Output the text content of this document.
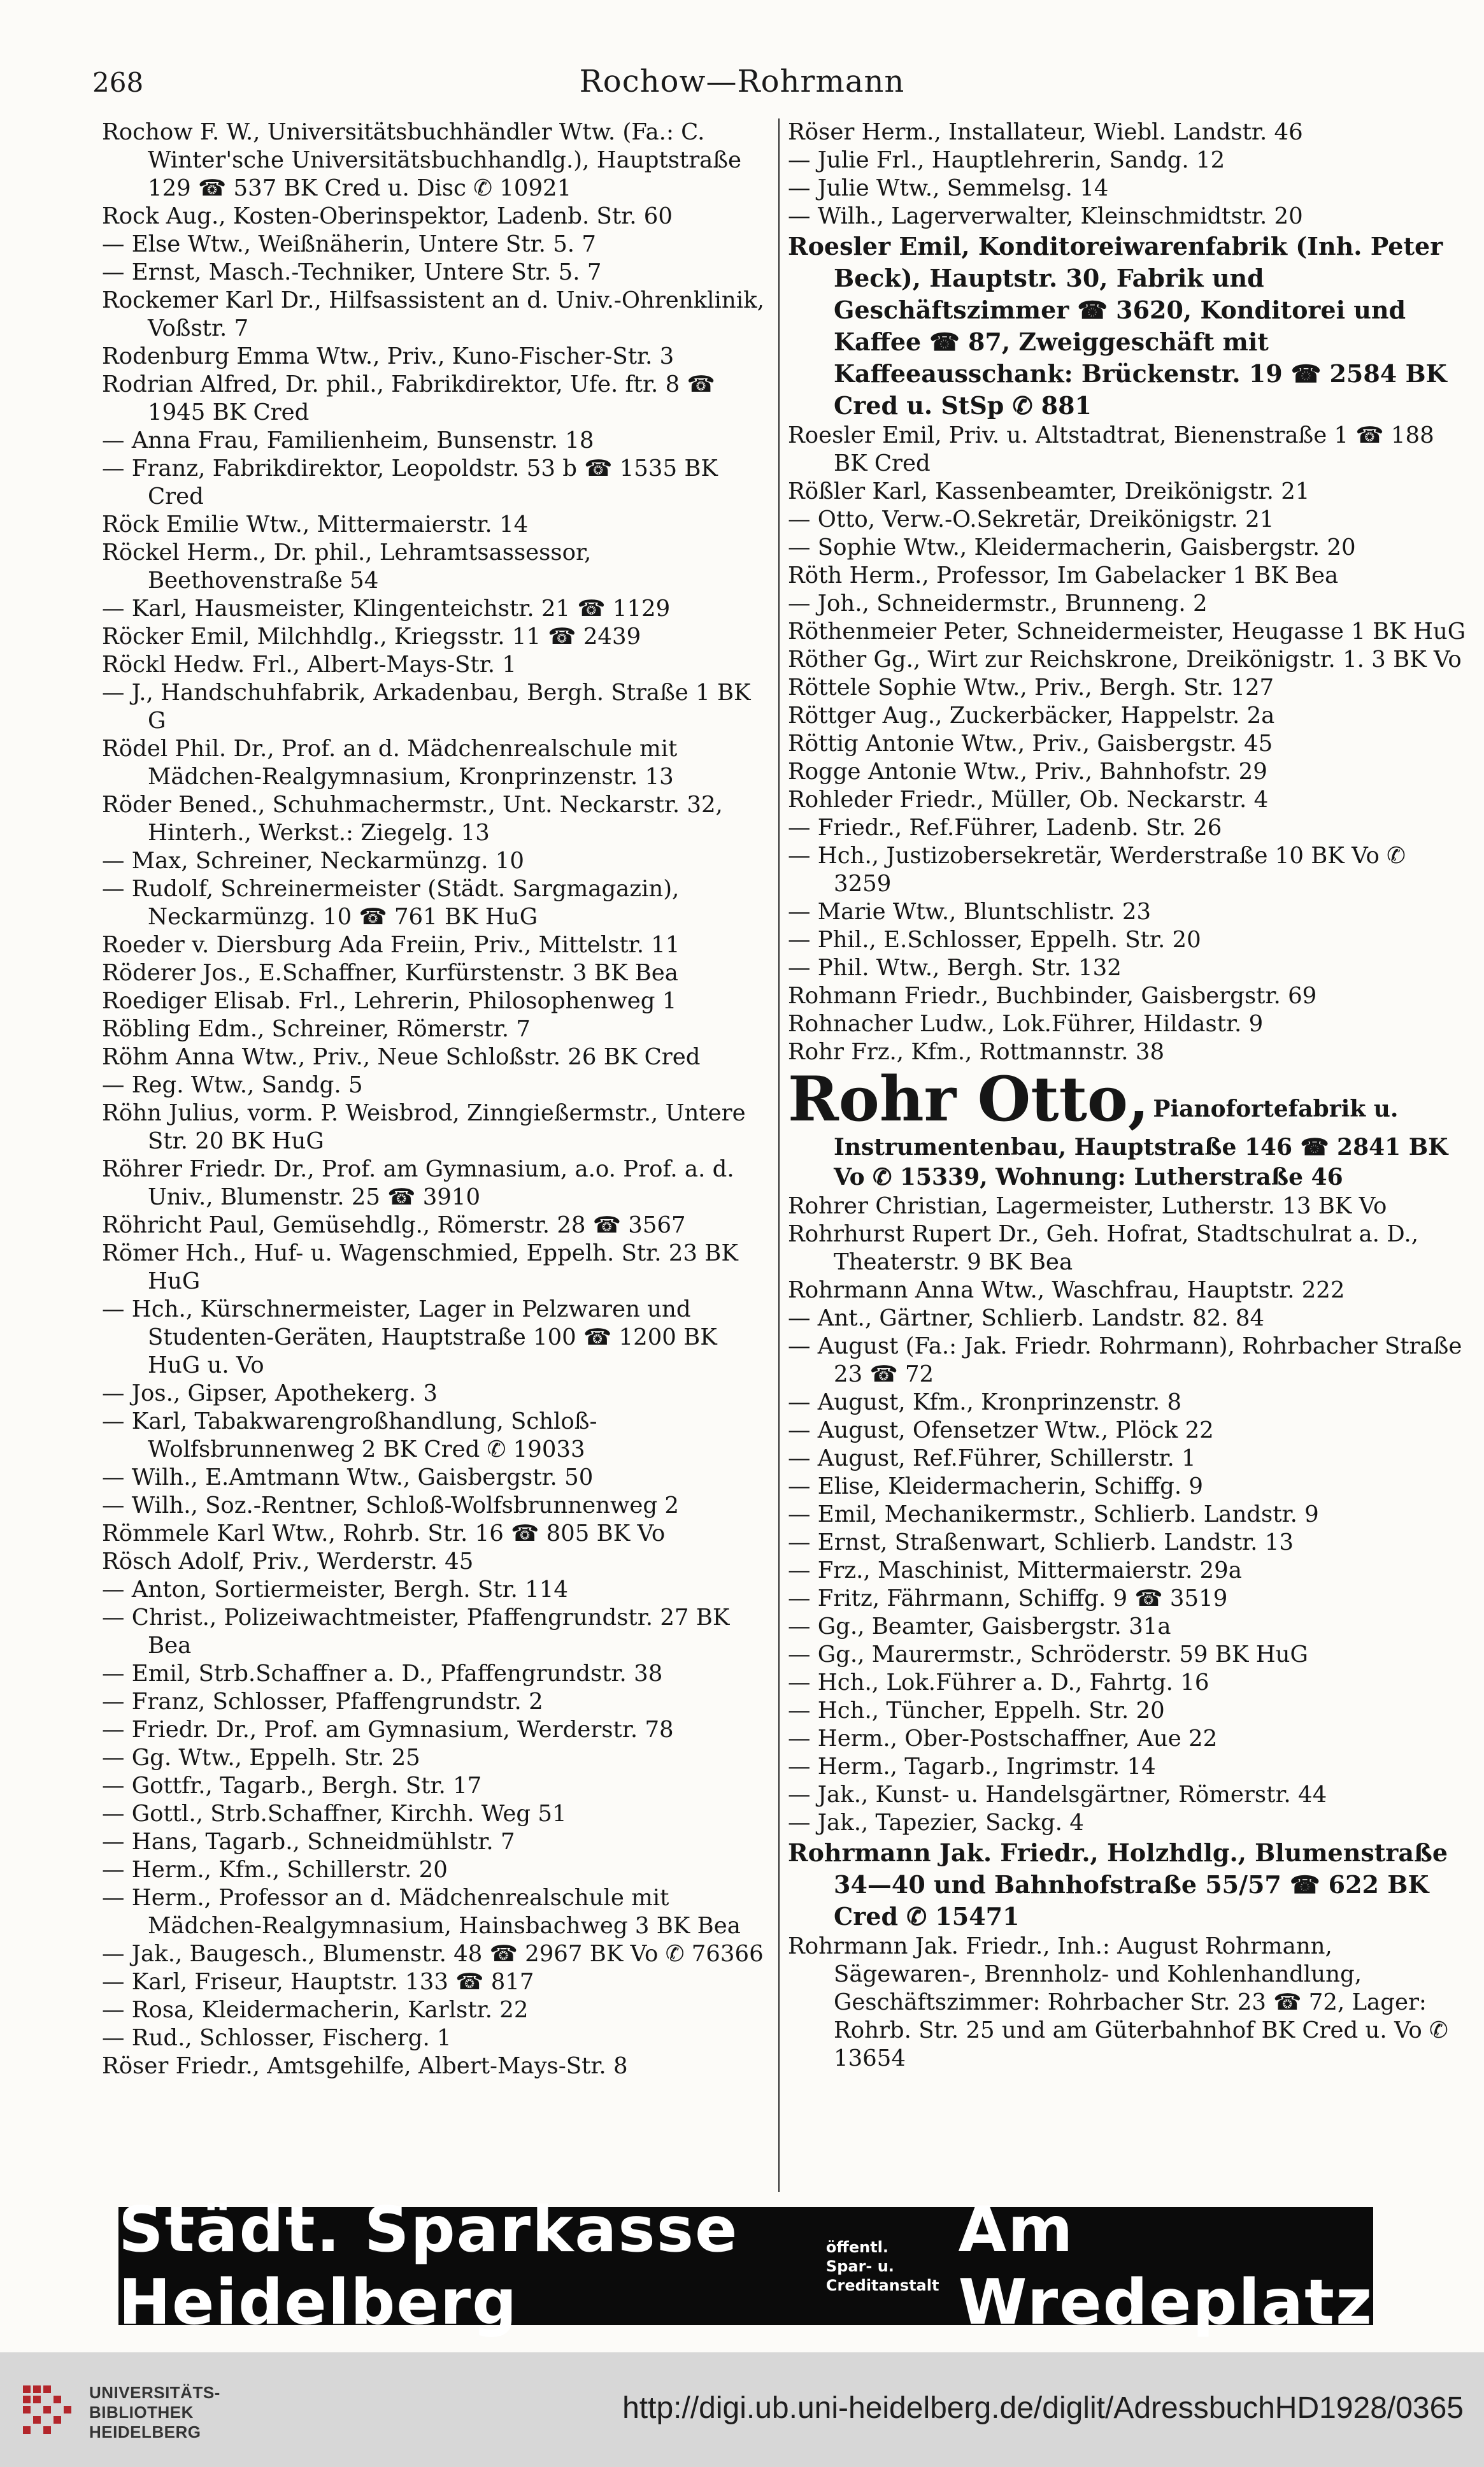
268	Rochow—Rohrmann
Rochow F. W., Universitätsbuchhändler Wtw. (Fa.: C. Winter'sche Universitätsbuchhandlg.), Hauptstraße 129 ☎ 537 BK Cred u. Disc ✆ 10921
Rock Aug., Kosten-Oberinspektor, Ladenb. Str. 60
— Else Wtw., Weißnäherin, Untere Str. 5. 7
— Ernst, Masch.-Techniker, Untere Str. 5. 7
Rockemer Karl Dr., Hilfsassistent an d. Univ.-Ohrenklinik, Voßstr. 7
Rodenburg Emma Wtw., Priv., Kuno-Fischer-Str. 3
Rodrian Alfred, Dr. phil., Fabrikdirektor, Ufe. ftr. 8 ☎ 1945 BK Cred
— Anna Frau, Familienheim, Bunsenstr. 18
— Franz, Fabrikdirektor, Leopoldstr. 53 b ☎ 1535 BK Cred
Röck Emilie Wtw., Mittermaierstr. 14
Röckel Herm., Dr. phil., Lehramtsassessor, Beethovenstraße 54
— Karl, Hausmeister, Klingenteichstr. 21 ☎ 1129
Röcker Emil, Milchhdlg., Kriegsstr. 11 ☎ 2439
Röckl Hedw. Frl., Albert-Mays-Str. 1
— J., Handschuhfabrik, Arkadenbau, Bergh. Straße 1 BK G
Rödel Phil. Dr., Prof. an d. Mädchenrealschule mit Mädchen-Realgymnasium, Kronprinzenstr. 13
Röder Bened., Schuhmachermstr., Unt. Neckarstr. 32, Hinterh., Werkst.: Ziegelg. 13
— Max, Schreiner, Neckarmünzg. 10
— Rudolf, Schreinermeister (Städt. Sargmagazin), Neckarmünzg. 10 ☎ 761 BK HuG
Roeder v. Diersburg Ada Freiin, Priv., Mittelstr. 11
Röderer Jos., E.Schaffner, Kurfürstenstr. 3 BK Bea
Roediger Elisab. Frl., Lehrerin, Philosophenweg 1
Röbling Edm., Schreiner, Römerstr. 7
Röhm Anna Wtw., Priv., Neue Schloßstr. 26 BK Cred
— Reg. Wtw., Sandg. 5
Röhn Julius, vorm. P. Weisbrod, Zinngießermstr., Untere Str. 20 BK HuG
Röhrer Friedr. Dr., Prof. am Gymnasium, a.o. Prof. a. d. Univ., Blumenstr. 25 ☎ 3910
Röhricht Paul, Gemüsehdlg., Römerstr. 28 ☎ 3567
Römer Hch., Huf- u. Wagenschmied, Eppelh. Str. 23 BK HuG
— Hch., Kürschnermeister, Lager in Pelzwaren und Studenten-Geräten, Hauptstraße 100 ☎ 1200 BK HuG u. Vo
— Jos., Gipser, Apothekerg. 3
— Karl, Tabakwarengroßhandlung, Schloß-Wolfsbrunnenweg 2 BK Cred ✆ 19033
— Wilh., E.Amtmann Wtw., Gaisbergstr. 50
— Wilh., Soz.-Rentner, Schloß-Wolfsbrunnenweg 2
Römmele Karl Wtw., Rohrb. Str. 16 ☎ 805 BK Vo
Rösch Adolf, Priv., Werderstr. 45
— Anton, Sortiermeister, Bergh. Str. 114
— Christ., Polizeiwachtmeister, Pfaffengrundstr. 27 BK Bea
— Emil, Strb.Schaffner a. D., Pfaffengrundstr. 38
— Franz, Schlosser, Pfaffengrundstr. 2
— Friedr. Dr., Prof. am Gymnasium, Werderstr. 78
— Gg. Wtw., Eppelh. Str. 25
— Gottfr., Tagarb., Bergh. Str. 17
— Gottl., Strb.Schaffner, Kirchh. Weg 51
— Hans, Tagarb., Schneidmühlstr. 7
— Herm., Kfm., Schillerstr. 20
— Herm., Professor an d. Mädchenrealschule mit Mädchen-Realgymnasium, Hainsbachweg 3 BK Bea
— Jak., Baugesch., Blumenstr. 48 ☎ 2967 BK Vo ✆ 76366
— Karl, Friseur, Hauptstr. 133 ☎ 817
— Rosa, Kleidermacherin, Karlstr. 22
— Rud., Schlosser, Fischerg. 1
Röser Friedr., Amtsgehilfe, Albert-Mays-Str. 8
Röser Herm., Installateur, Wiebl. Landstr. 46
— Julie Frl., Hauptlehrerin, Sandg. 12
— Julie Wtw., Semmelsg. 14
— Wilh., Lagerverwalter, Kleinschmidtstr. 20
Roesler Emil, Konditoreiwarenfabrik (Inh. Peter Beck), Hauptstr. 30, Fabrik und Geschäftszimmer ☎ 3620, Konditorei und Kaffee ☎ 87, Zweiggeschäft mit Kaffeeausschank: Brückenstr. 19 ☎ 2584 BK Cred u. StSp ✆ 881
Roesler Emil, Priv. u. Altstadtrat, Bienenstraße 1 ☎ 188 BK Cred
Rößler Karl, Kassenbeamter, Dreikönigstr. 21
— Otto, Verw.-O.Sekretär, Dreikönigstr. 21
— Sophie Wtw., Kleidermacherin, Gaisbergstr. 20
Röth Herm., Professor, Im Gabelacker 1 BK Bea
— Joh., Schneidermstr., Brunneng. 2
Röthenmeier Peter, Schneidermeister, Heugasse 1 BK HuG
Röther Gg., Wirt zur Reichskrone, Dreikönigstr. 1. 3 BK Vo
Röttele Sophie Wtw., Priv., Bergh. Str. 127
Röttger Aug., Zuckerbäcker, Happelstr. 2a
Röttig Antonie Wtw., Priv., Gaisbergstr. 45
Rogge Antonie Wtw., Priv., Bahnhofstr. 29
Rohleder Friedr., Müller, Ob. Neckarstr. 4
— Friedr., Ref.Führer, Ladenb. Str. 26
— Hch., Justizobersekretär, Werderstraße 10 BK Vo ✆ 3259
— Marie Wtw., Bluntschlistr. 23
— Phil., E.Schlosser, Eppelh. Str. 20
— Phil. Wtw., Bergh. Str. 132
Rohmann Friedr., Buchbinder, Gaisbergstr. 69
Rohnacher Ludw., Lok.Führer, Hildastr. 9
Rohr Frz., Kfm., Rottmannstr. 38
Rohr Otto, Pianofortefabrik u. Instrumentenbau, Hauptstraße 146 ☎ 2841 BK Vo ✆ 15339, Wohnung: Lutherstraße 46
Rohrer Christian, Lagermeister, Lutherstr. 13 BK Vo
Rohrhurst Rupert Dr., Geh. Hofrat, Stadtschulrat a. D., Theaterstr. 9 BK Bea
Rohrmann Anna Wtw., Waschfrau, Hauptstr. 222
— Ant., Gärtner, Schlierb. Landstr. 82. 84
— August (Fa.: Jak. Friedr. Rohrmann), Rohrbacher Straße 23 ☎ 72
— August, Kfm., Kronprinzenstr. 8
— August, Ofensetzer Wtw., Plöck 22
— August, Ref.Führer, Schillerstr. 1
— Elise, Kleidermacherin, Schiffg. 9
— Emil, Mechanikermstr., Schlierb. Landstr. 9
— Ernst, Straßenwart, Schlierb. Landstr. 13
— Frz., Maschinist, Mittermaierstr. 29a
— Fritz, Fährmann, Schiffg. 9 ☎ 3519
— Gg., Beamter, Gaisbergstr. 31a
— Gg., Maurermstr., Schröderstr. 59 BK HuG
— Hch., Lok.Führer a. D., Fahrtg. 16
— Hch., Tüncher, Eppelh. Str. 20
— Herm., Ober-Postschaffner, Aue 22
— Herm., Tagarb., Ingrimstr. 14
— Jak., Kunst- u. Handelsgärtner, Römerstr. 44
— Jak., Tapezier, Sackg. 4
Rohrmann Jak. Friedr., Holzhdlg., Blumenstraße 34—40 und Bahnhofstraße 55/57 ☎ 622 BK Cred ✆ 15471
Rohrmann Jak. Friedr., Inh.: August Rohrmann, Sägewaren-, Brennholz- und Kohlenhandlung, Geschäftszimmer: Rohrbacher Str. 23 ☎ 72, Lager: Rohrb. Str. 25 und am Güterbahnhof BK Cred u. Vo ✆ 13654
Städt. Sparkasse Heidelberg
öffentl. Spar- u.
Creditanstalt
Am Wredeplatz
UNIVERSITÄTS-
BIBLIOTHEK
HEIDELBERG
http://digi.ub.uni-heidelberg.de/diglit/AdressbuchHD1928/0365
